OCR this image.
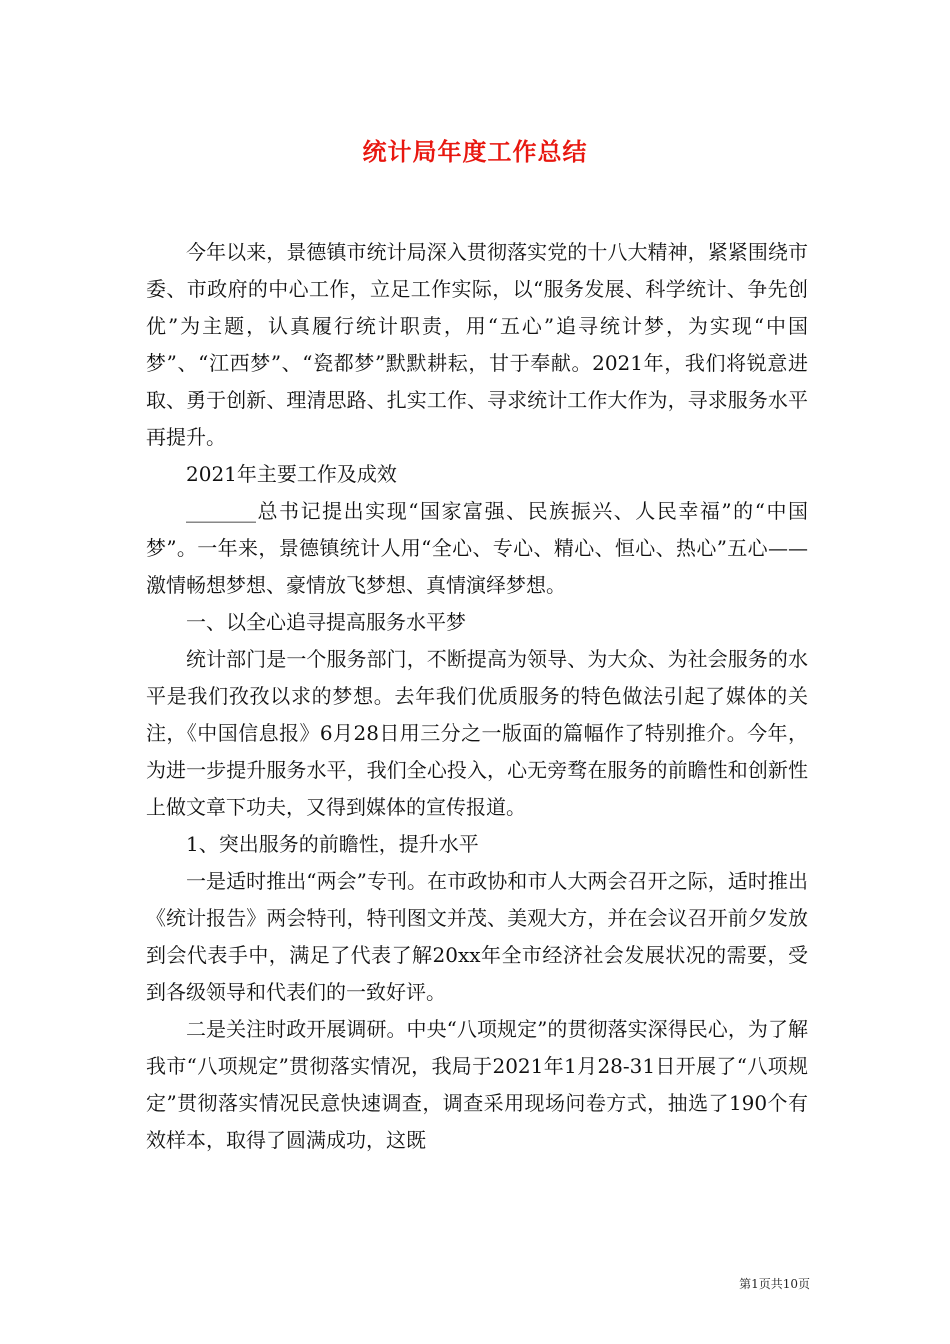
统计局年度工作总结

今年以来，景德镇市统计局深入贯彻落实党的十八大精神，紧紧围绕市委、市政府的中心工作，立足工作实际，以“服务发展、科学统计、争先创优”为主题，认真履行统计职责，用“五心”追寻统计梦，为实现“中国梦”、“江西梦”、“瓷都梦”默默耕耘，甘于奉献。2021年，我们将锐意进取、勇于创新、理清思路、扎实工作、寻求统计工作大作为，寻求服务水平再提升。

2021年主要工作及成效

_______总书记提出实现“国家富强、民族振兴、人民幸福”的“中国梦”。一年来，景德镇统计人用“全心、专心、精心、恒心、热心”五心——激情畅想梦想、豪情放飞梦想、真情演绎梦想。

一、以全心追寻提高服务水平梦

统计部门是一个服务部门，不断提高为领导、为大众、为社会服务的水平是我们孜孜以求的梦想。去年我们优质服务的特色做法引起了媒体的关注，《中国信息报》6月28日用三分之一版面的篇幅作了特别推介。今年，为进一步提升服务水平，我们全心投入，心无旁骛在服务的前瞻性和创新性上做文章下功夫，又得到媒体的宣传报道。

1、突出服务的前瞻性，提升水平

一是适时推出“两会”专刊。在市政协和市人大两会召开之际，适时推出《统计报告》两会特刊，特刊图文并茂、美观大方，并在会议召开前夕发放到会代表手中，满足了代表了解20xx年全市经济社会发展状况的需要，受到各级领导和代表们的一致好评。

二是关注时政开展调研。中央“八项规定”的贯彻落实深得民心，为了解我市“八项规定”贯彻落实情况，我局于2021年1月28-31日开展了“八项规定”贯彻落实情况民意快速调查，调查采用现场问卷方式，抽选了190个有效样本，取得了圆满成功，这既

第1页共10页
